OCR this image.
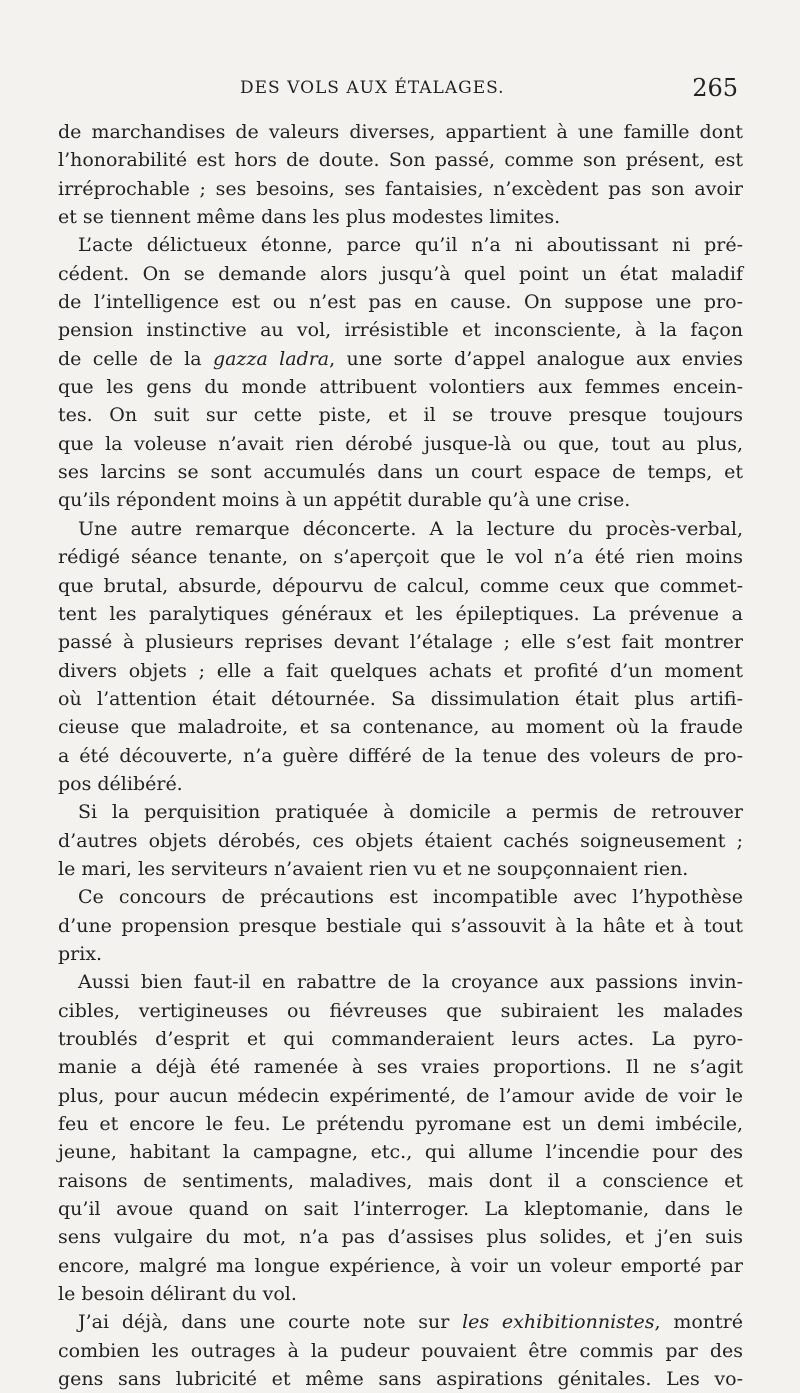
DES VOLS AUX ÉTALAGES.	265
de marchandises de valeurs diverses, appartient à une famille dont
l’honorabilité est hors de doute. Son passé, comme son présent, est
irréprochable ; ses besoins, ses fantaisies, n’excèdent pas son avoir
et se tiennent même dans les plus modestes limites.
L’acte délictueux étonne, parce qu’il n’a ni aboutissant ni pré-
cédent. On se demande alors jusqu’à quel point un état maladif
de l’intelligence est ou n’est pas en cause. On suppose une pro-
pension instinctive au vol, irrésistible et inconsciente, à la façon
de celle de la gazza ladra, une sorte d’appel analogue aux envies
que les gens du monde attribuent volontiers aux femmes encein-
tes. On suit sur cette piste, et il se trouve presque toujours
que la voleuse n’avait rien dérobé jusque-là ou que, tout au plus,
ses larcins se sont accumulés dans un court espace de temps, et
qu’ils répondent moins à un appétit durable qu’à une crise.
Une autre remarque déconcerte. A la lecture du procès-verbal,
rédigé séance tenante, on s’aperçoit que le vol n’a été rien moins
que brutal, absurde, dépourvu de calcul, comme ceux que commet-
tent les paralytiques généraux et les épileptiques. La prévenue a
passé à plusieurs reprises devant l’étalage ; elle s’est fait montrer
divers objets ; elle a fait quelques achats et profité d’un moment
où l’attention était détournée. Sa dissimulation était plus artifi-
cieuse que maladroite, et sa contenance, au moment où la fraude
a été découverte, n’a guère différé de la tenue des voleurs de pro-
pos délibéré.
Si la perquisition pratiquée à domicile a permis de retrouver
d’autres objets dérobés, ces objets étaient cachés soigneusement ;
le mari, les serviteurs n’avaient rien vu et ne soupçonnaient rien.
Ce concours de précautions est incompatible avec l’hypothèse
d’une propension presque bestiale qui s’assouvit à la hâte et à tout
prix.
Aussi bien faut-il en rabattre de la croyance aux passions invin-
cibles, vertigineuses ou fiévreuses que subiraient les malades
troublés d’esprit et qui commanderaient leurs actes. La pyro-
manie a déjà été ramenée à ses vraies proportions. Il ne s’agit
plus, pour aucun médecin expérimenté, de l’amour avide de voir le
feu et encore le feu. Le prétendu pyromane est un demi imbécile,
jeune, habitant la campagne, etc., qui allume l’incendie pour des
raisons de sentiments, maladives, mais dont il a conscience et
qu’il avoue quand on sait l’interroger. La kleptomanie, dans le
sens vulgaire du mot, n’a pas d’assises plus solides, et j’en suis
encore, malgré ma longue expérience, à voir un voleur emporté par
le besoin délirant du vol.
J’ai déjà, dans une courte note sur les exhibitionnistes, montré
combien les outrages à la pudeur pouvaient être commis par des
gens sans lubricité et même sans aspirations génitales. Les vo-
